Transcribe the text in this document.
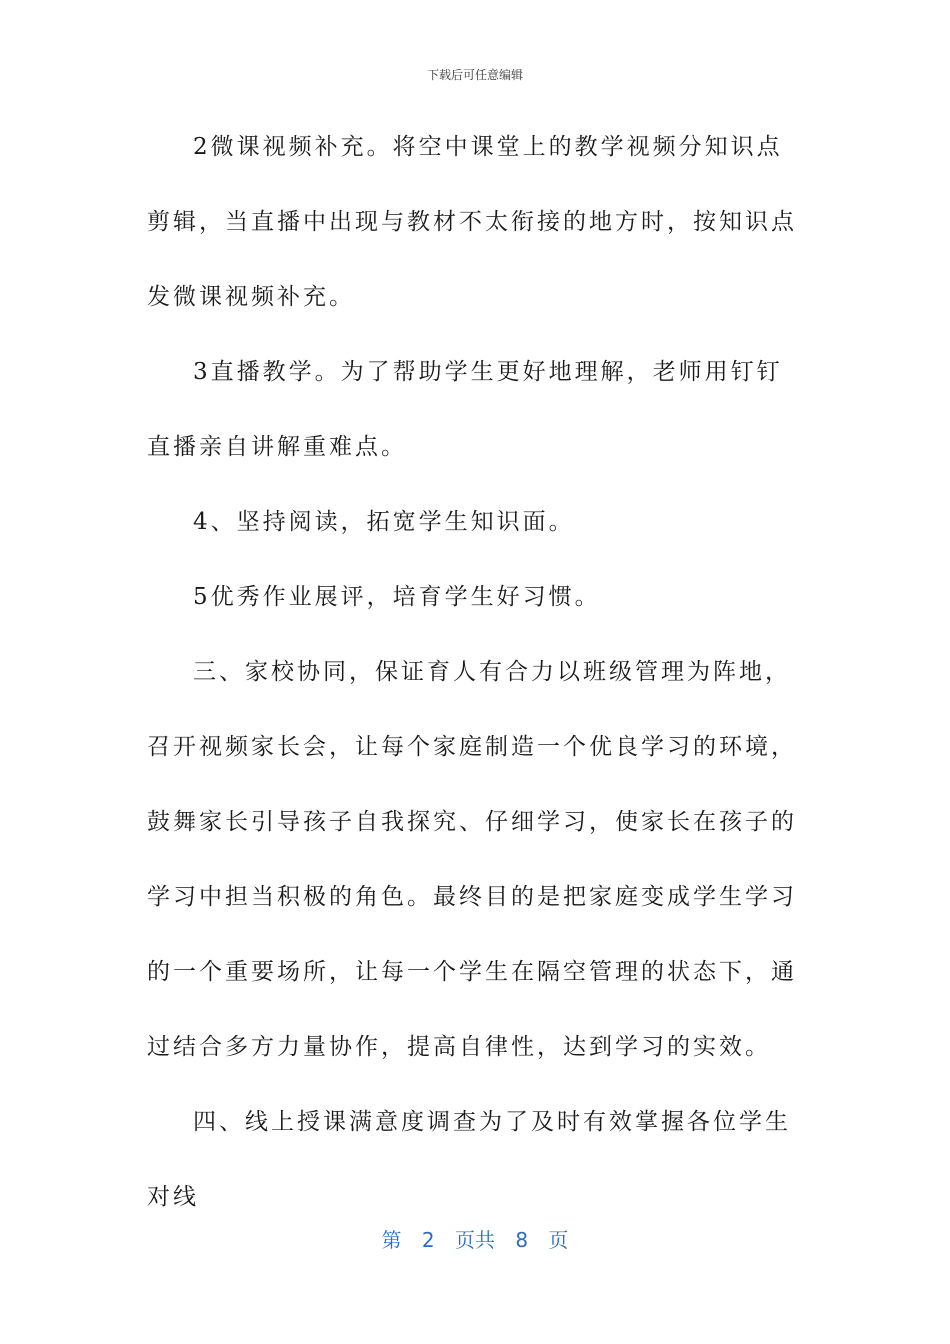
下载后可任意编辑

2微课视频补充。将空中课堂上的教学视频分知识点剪辑，当直播中出现与教材不太衔接的地方时，按知识点发微课视频补充。

3直播教学。为了帮助学生更好地理解，老师用钉钉直播亲自讲解重难点。

4、坚持阅读，拓宽学生知识面。

5优秀作业展评，培育学生好习惯。

三、家校协同，保证育人有合力以班级管理为阵地，召开视频家长会，让每个家庭制造一个优良学习的环境，鼓舞家长引导孩子自我探究、仔细学习，使家长在孩子的学习中担当积极的角色。最终目的是把家庭变成学生学习的一个重要场所，让每一个学生在隔空管理的状态下，通过结合多方力量协作，提高自律性，达到学习的实效。

四、线上授课满意度调查为了及时有效掌握各位学生对线

第 2 页共 8 页
